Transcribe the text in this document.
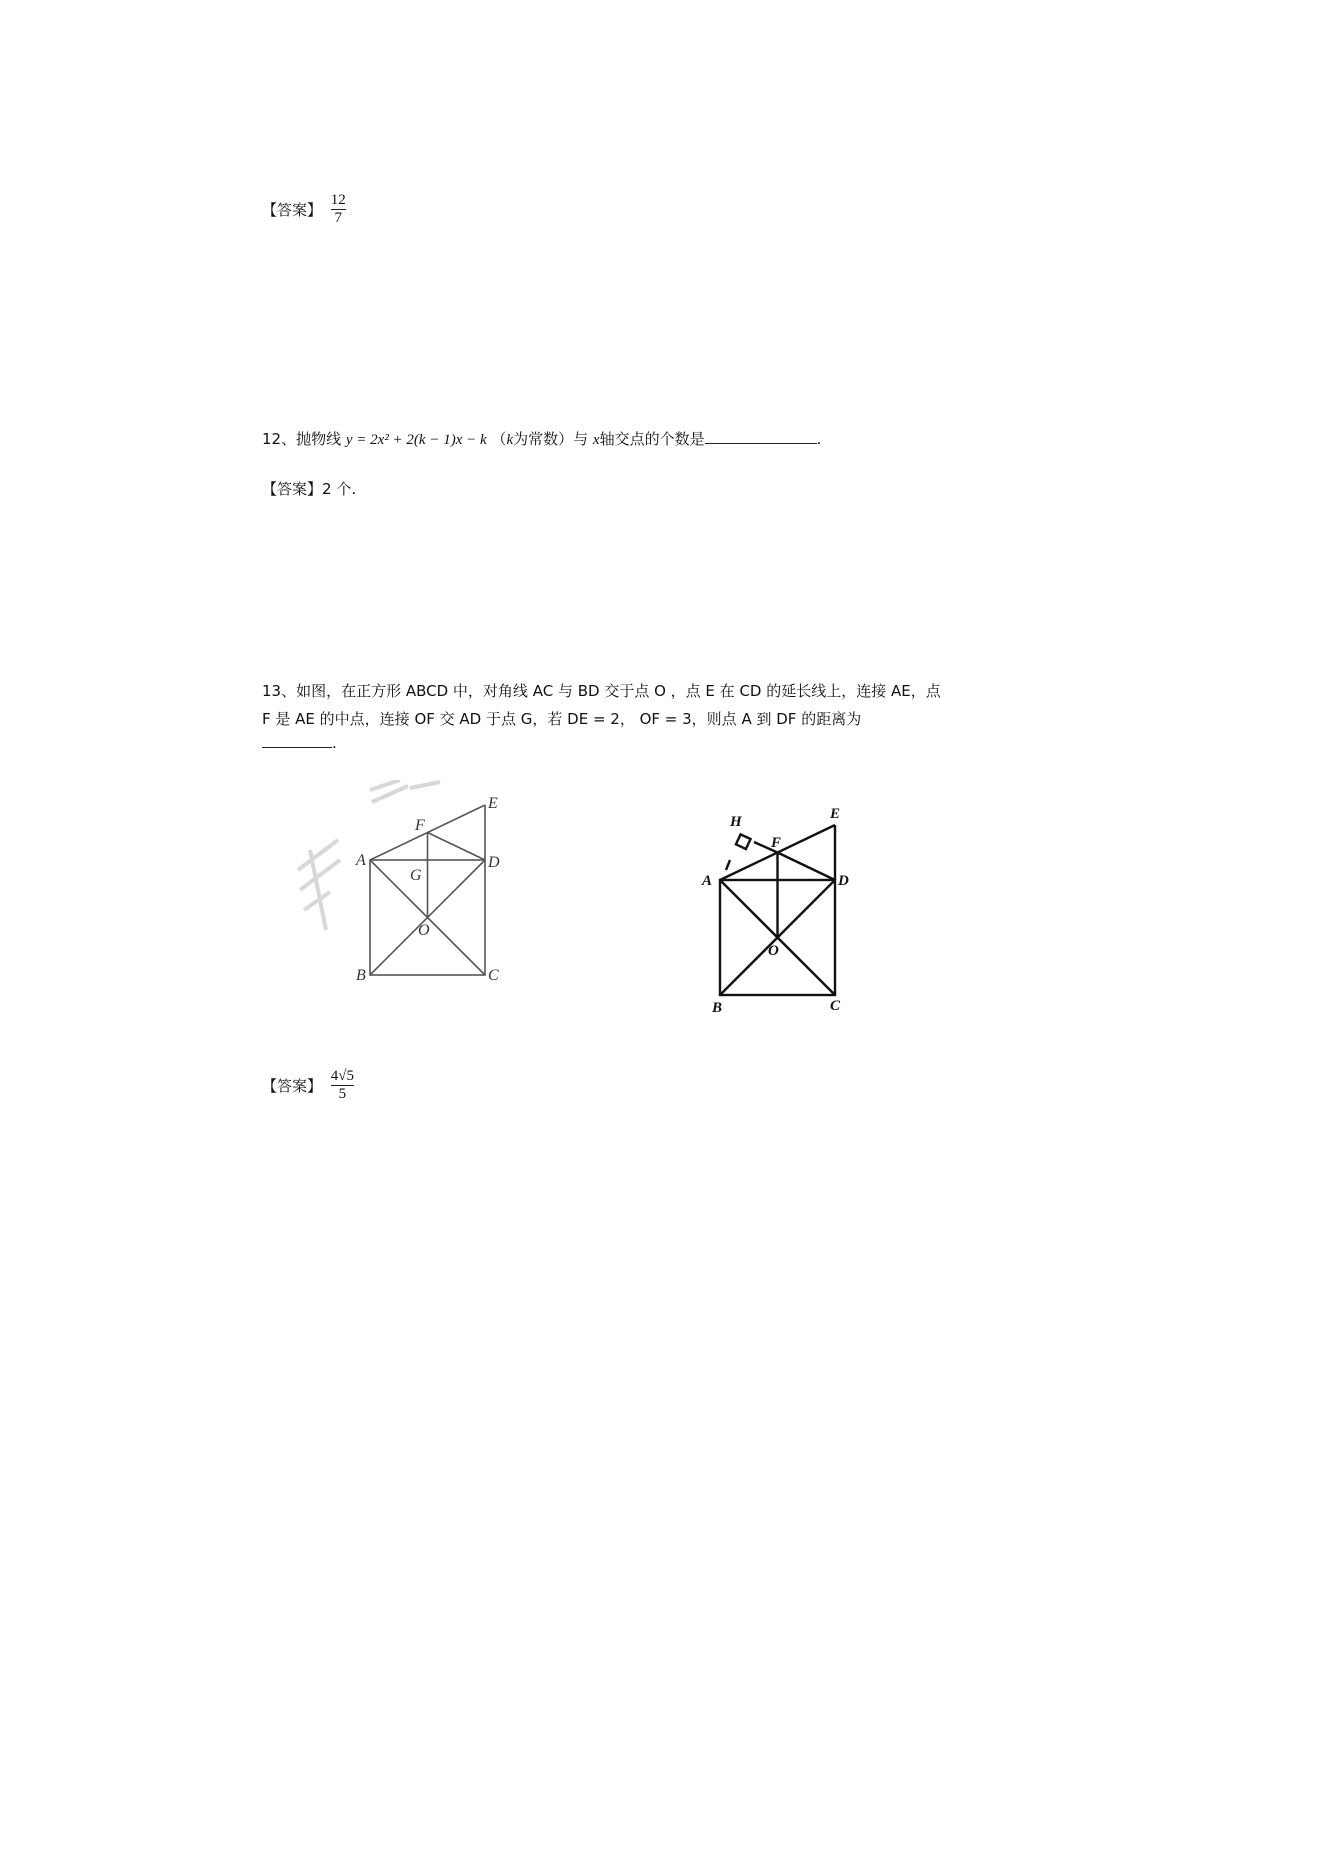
【答案】 $\frac{12}{7}$
12、抛物线 y = 2x² + 2(k − 1)x − k （k为常数）与 x轴交点的个数是	.
【答案】2 个.
13、如图，在正方形 ABCD 中，对角线 AC 与 BD 交于点 O ，点 E 在 CD 的延长线上，连接 AE，点
F 是 AE 的中点，连接 OF 交 AD 于点 G，若 DE = 2， OF = 3，则点 A 到 DF 的距离为
.
A
B	C
D
E
F
G
O
A
B	C
D
E
F
H
O
【答案】 $\frac{4√5}{5}$
